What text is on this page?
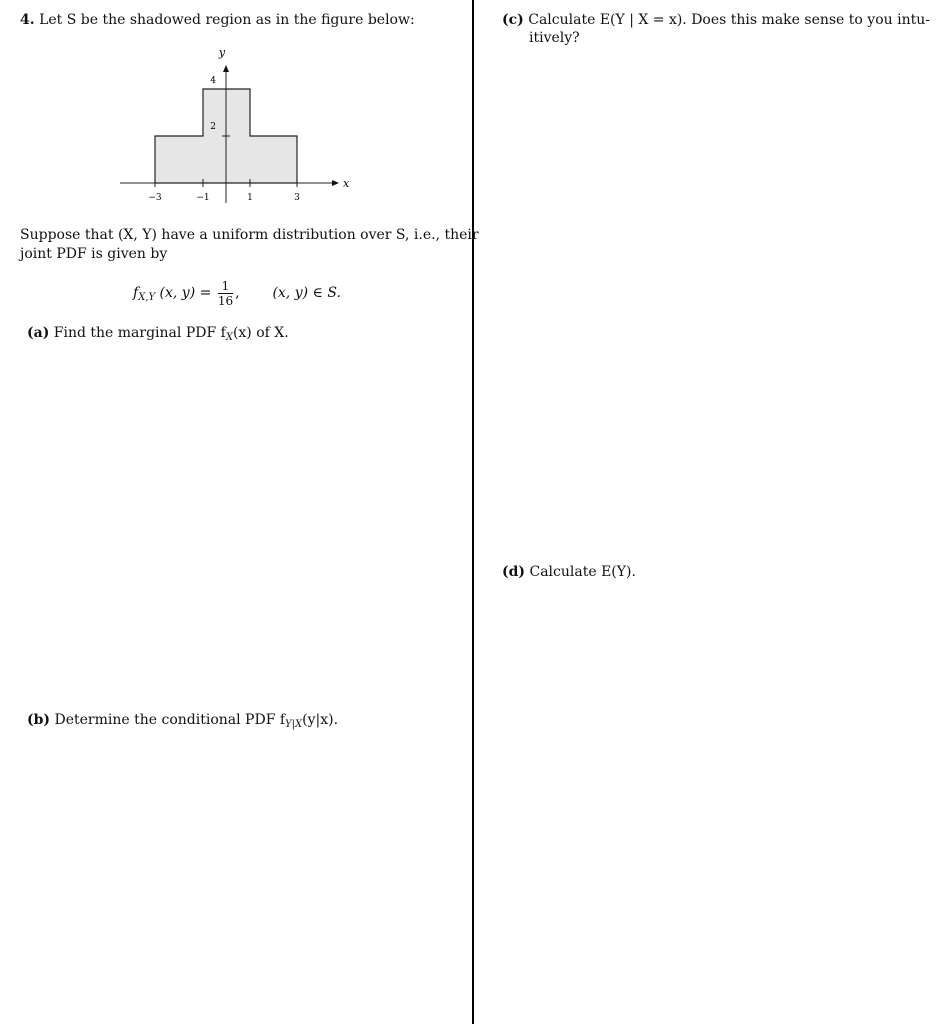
4. Let S be the shadowed region as in the figure below:
y
x
4
2
−3	−1	1	3
Suppose that (X, Y) have a uniform distribution over S, i.e., their
joint PDF is given by
$f_{X,Y}$ (x, $y) = \frac{1}{16}$ , (x, y) ∈ S.
(a) Find the marginal PDF $f_X(x)$ of X.
(b) Determine the conditional PDF $f_{Y|X}(y|x)$.
(c) Calculate E(Y | X = x). Does this make sense to you intu-
itively?
(d) Calculate E(Y).
